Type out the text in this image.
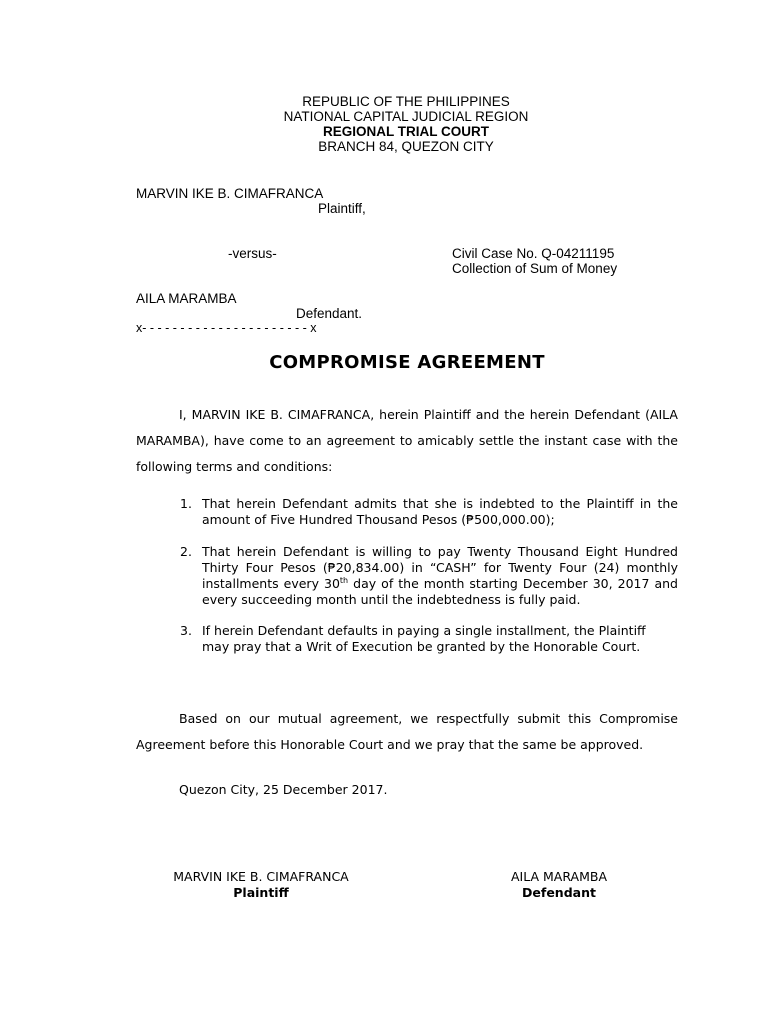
REPUBLIC OF THE PHILIPPINES
NATIONAL CAPITAL JUDICIAL REGION
REGIONAL TRIAL COURT
BRANCH 84, QUEZON CITY
MARVIN IKE B. CIMAFRANCA
Plaintiff,
-versus-	Civil Case No. Q-04211195
Collection of Sum of Money
AILA MARAMBA
Defendant.
x- - - - - - - - - - - - - - - - - - - - - - x
COMPROMISE AGREEMENT

I, MARVIN IKE B. CIMAFRANCA, herein Plaintiff and the herein Defendant (AILA MARAMBA), have come to an agreement to amicably settle the instant case with the following terms and conditions:

1. That herein Defendant admits that she is indebted to the Plaintiff in the amount of Five Hundred Thousand Pesos (₱500,000.00);
2. That herein Defendant is willing to pay Twenty Thousand Eight Hundred Thirty Four Pesos (₱20,834.00) in “CASH” for Twenty Four (24) monthly installments every 30th day of the month starting December 30, 2017 and every succeeding month until the indebtedness is fully paid.
3. If herein Defendant defaults in paying a single installment, the Plaintiff
may pray that a Writ of Execution be granted by the Honorable Court.

Based on our mutual agreement, we respectfully submit this Compromise Agreement before this Honorable Court and we pray that the same be approved.

Quezon City, 25 December 2017.
MARVIN IKE B. CIMAFRANCA
Plaintiff
AILA MARAMBA
Defendant
